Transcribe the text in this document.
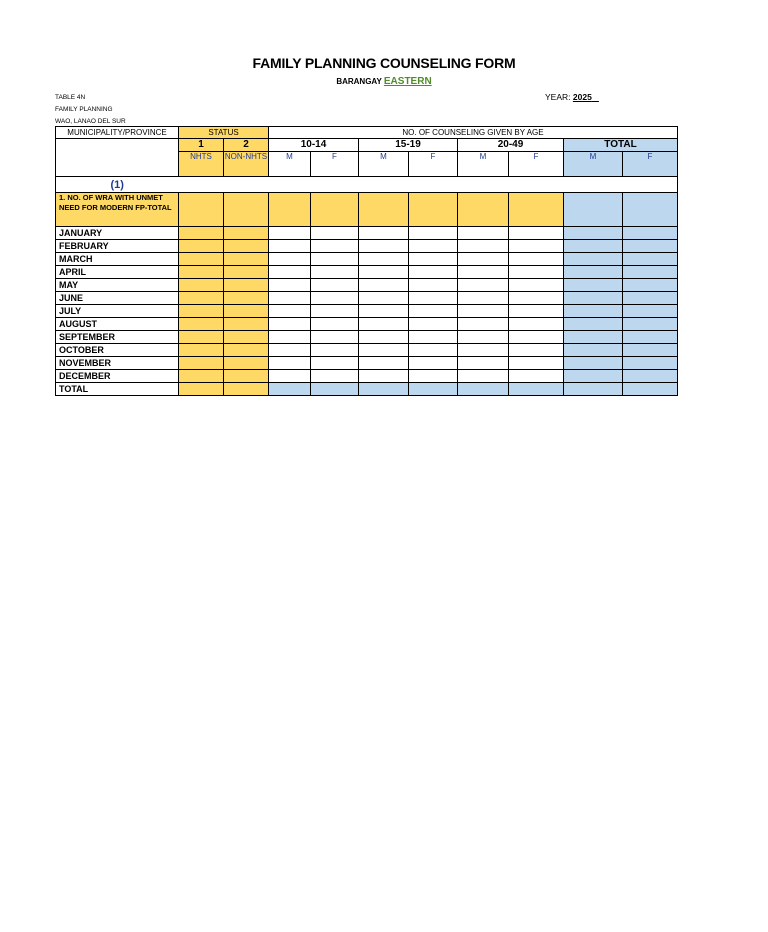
FAMILY PLANNING COUNSELING FORM
BARANGAY EASTERN
YEAR: 2025
TABLE 4N
FAMILY PLANNING
WAO, LANAO DEL SUR
MUNICIPALITY/PROVINCE	STATUS		NO. OF COUNSELING GIVEN BY AGE							
	1	2	10-14		15-19		20-49		TOTAL	
	NHTS	NON-NHTS	M	F	M	F	M	F	M	F
(1)										
1. NO. OF WRA WITH UNMET NEED FOR MODERN FP-TOTAL										
JANUARY										
FEBRUARY										
MARCH										
APRIL										
MAY										
JUNE										
JULY										
AUGUST										
SEPTEMBER										
OCTOBER										
NOVEMBER										
DECEMBER										
TOTAL										
